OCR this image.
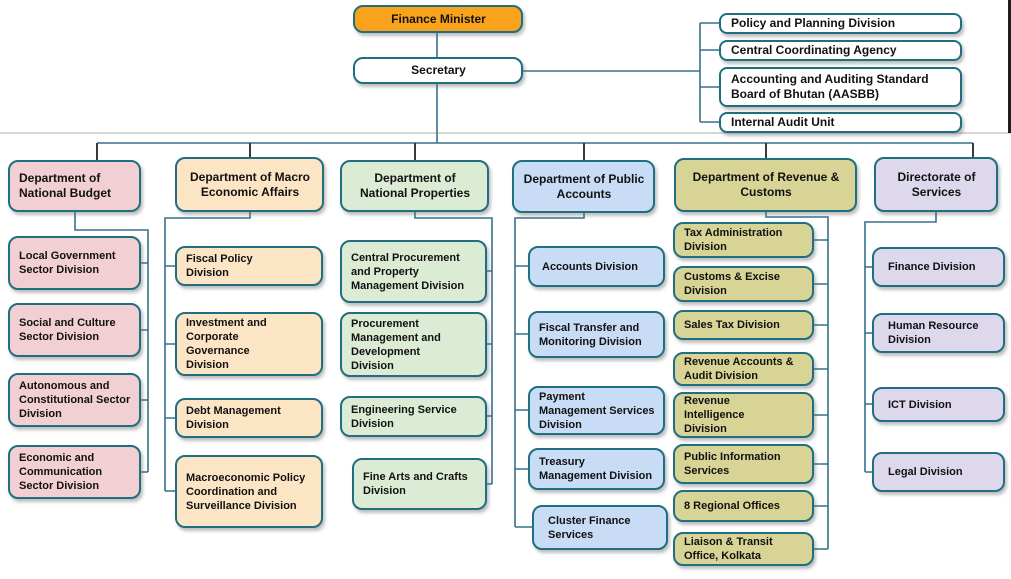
Finance Minister
Secretary
Policy and Planning Division
Central Coordinating Agency
Accounting and Auditing Standard Board of Bhutan (AASBB)
Internal Audit Unit
Department of National Budget
Department of Macro Economic Affairs
Department of National Properties
Department of Public Accounts
Department of Revenue & Customs
Directorate of Services
Local Government Sector Division
Social and Culture Sector Division
Autonomous and Constitutional Sector Division
Economic and Communication Sector Division
Fiscal Policy Division
Investment and Corporate Governance Division
Debt Management Division
Macroeconomic Policy Coordination and Surveillance Division
Central Procurement and Property Management Division
Procurement Management and Development Division
Engineering Service Division
Fine Arts and Crafts Division
Accounts Division
Fiscal Transfer and Monitoring Division
Payment Management Services Division
Treasury Management Division
Cluster Finance Services
Tax Administration Division
Customs & Excise Division
Sales Tax Division
Revenue Accounts & Audit Division
Revenue Intelligence Division
Public Information Services
8 Regional Offices
Liaison & Transit Office, Kolkata
Finance Division
Human Resource Division
ICT Division
Legal Division
